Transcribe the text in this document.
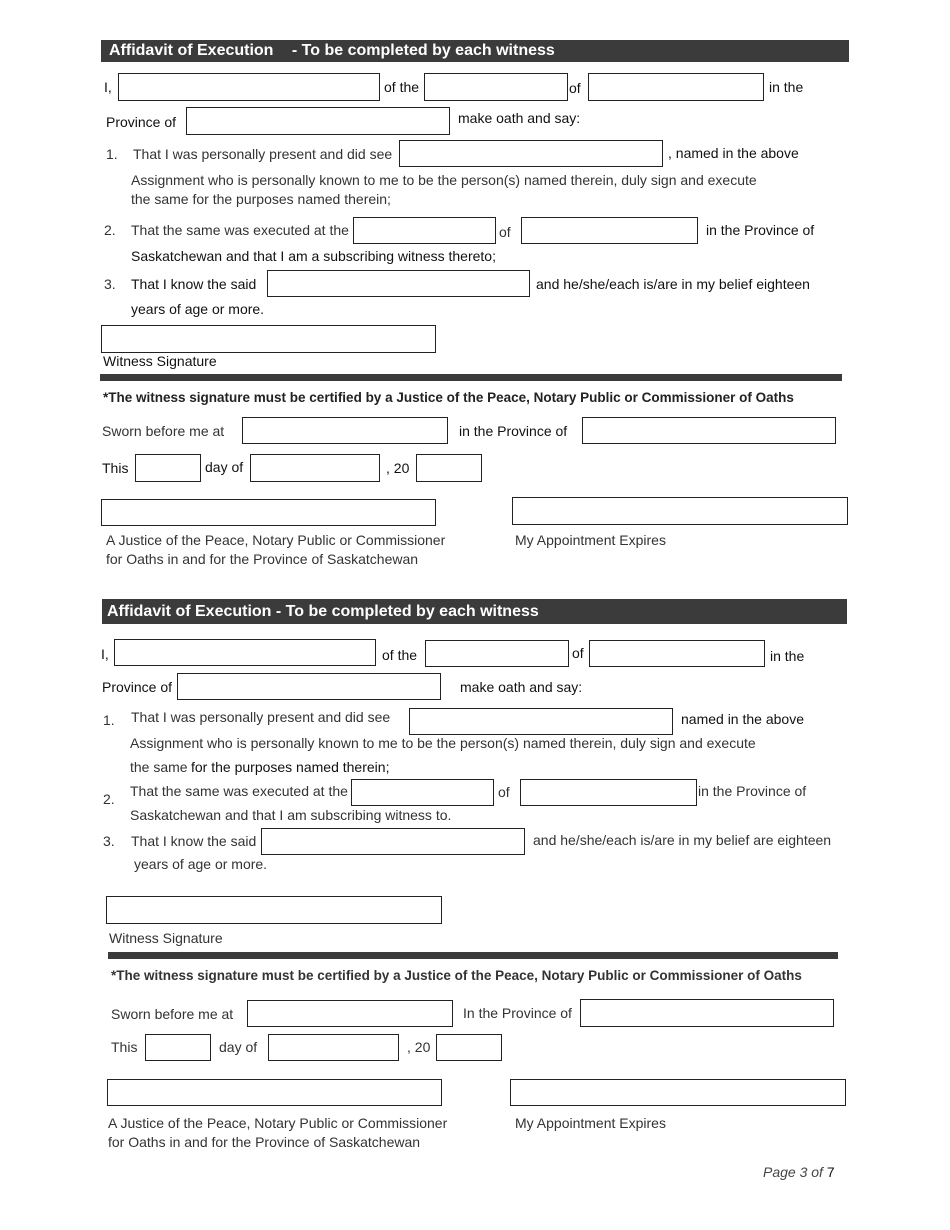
Affidavit of Execution - To be completed by each witness
I,	of the	of	in the
Province of	make oath and say:
1. That I was personally present and did see	, named in the above
Assignment who is personally known to me to be the person(s) named therein, duly sign and execute
the same for the purposes named therein;
2. That the same was executed at the	of	in the Province of
Saskatchewan and that I am a subscribing witness thereto;
3. That I know the said	and he/she/each is/are in my belief eighteen
years of age or more.
Witness Signature
*The witness signature must be certified by a Justice of the Peace, Notary Public or Commissioner of Oaths
Sworn before me at	in the Province of
This	day of	, 20
A Justice of the Peace, Notary Public or Commissioner
for Oaths in and for the Province of Saskatchewan
My Appointment Expires
Affidavit of Execution - To be completed by each witness
I,	of the	of	in the
Province of	make oath and say:
1. That I was personally present and did see	named in the above
Assignment who is personally known to me to be the person(s) named therein, duly sign and execute
the same for the purposes named therein;
2. That the same was executed at the	of	in the Province of
Saskatchewan and that I am subscribing witness to.
3. That I know the said	and he/she/each is/are in my belief are eighteen
years of age or more.
Witness Signature
*The witness signature must be certified by a Justice of the Peace, Notary Public or Commissioner of Oaths
Sworn before me at	In the Province of
This	day of	, 20
A Justice of the Peace, Notary Public or Commissioner
for Oaths in and for the Province of Saskatchewan
My Appointment Expires
Page 3 of 7
